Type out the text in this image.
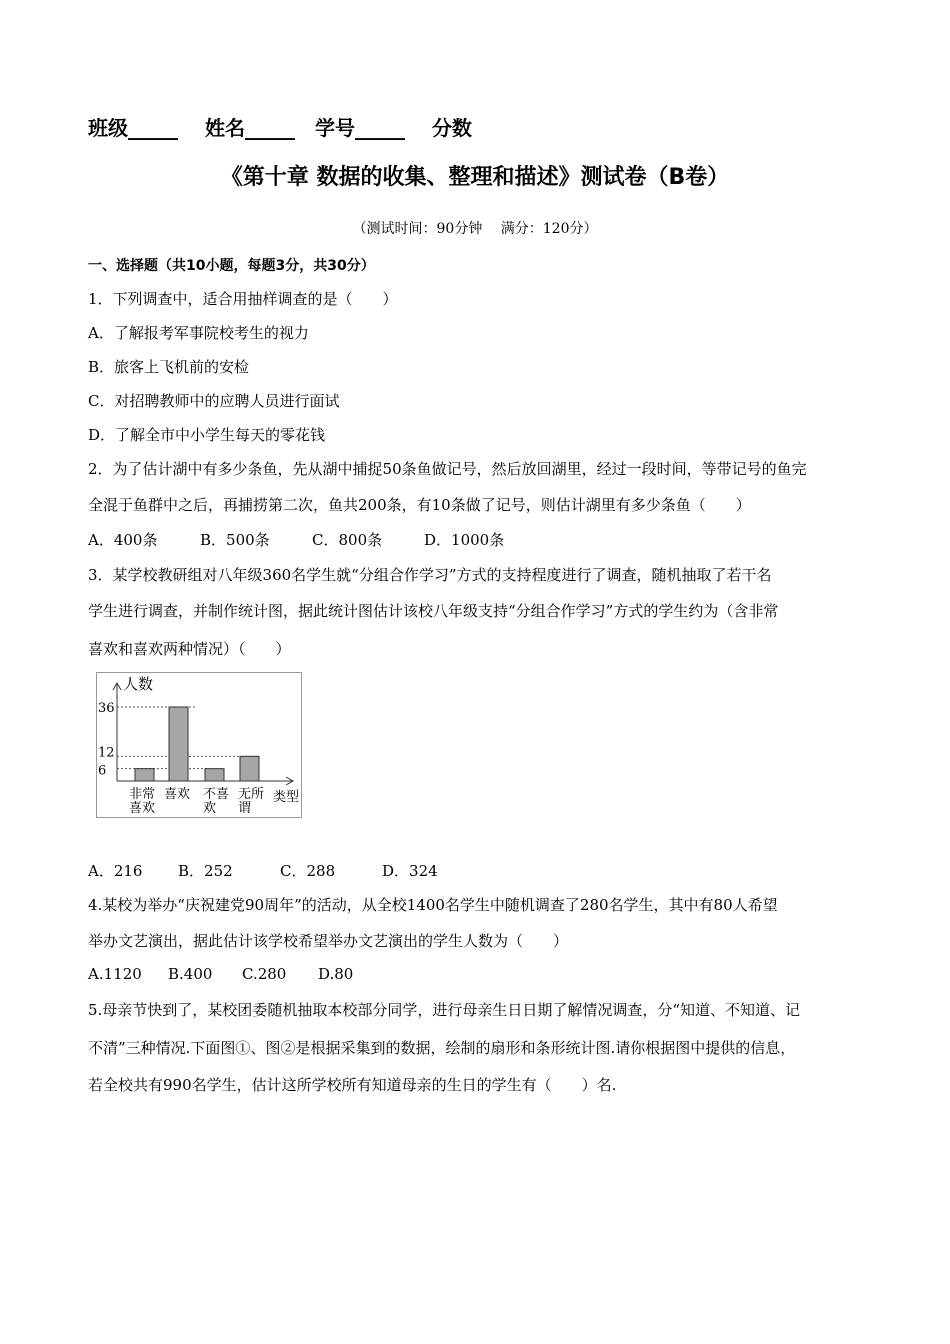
班级_____　 姓名_____　 学号_____　 分数
《第十章 数据的收集、整理和描述》测试卷（B卷）
（测试时间：90分钟　 满分：120分）
一、选择题（共10小题，每题3分，共30分）
1．下列调查中，适合用抽样调查的是（　　）
A．了解报考军事院校考生的视力
B．旅客上飞机前的安检
C．对招聘教师中的应聘人员进行面试
D．了解全市中小学生每天的零花钱
2．为了估计湖中有多少条鱼，先从湖中捕捉50条鱼做记号，然后放回湖里，经过一段时间，等带记号的鱼完
全混于鱼群中之后，再捕捞第二次，鱼共200条，有10条做了记号，则估计湖里有多少条鱼（　　）
A．400条	B．500条	C．800条	D．1000条
3．某学校教研组对八年级360名学生就“分组合作学习”方式的支持程度进行了调查，随机抽取了若干名
学生进行调查，并制作统计图，据此统计图估计该校八年级支持“分组合作学习”方式的学生约为（含非常
喜欢和喜欢两种情况）（　　）
人数
类型
6
12
36
非常
喜欢
喜欢 不喜
欢
无所
谓
A．216 B．252	C．288	D．324
4.某校为举办“庆祝建党90周年”的活动，从全校1400名学生中随机调查了280名学生，其中有80人希望
举办文艺演出，据此估计该学校希望举办文艺演出的学生人数为（　　）
A.1120 B.400 C.280 D.80
5.母亲节快到了，某校团委随机抽取本校部分同学，进行母亲生日日期了解情况调查，分“知道、不知道、记
不清”三种情况.下面图①、图②是根据采集到的数据，绘制的扇形和条形统计图.请你根据图中提供的信息，
若全校共有990名学生，估计这所学校所有知道母亲的生日的学生有（　　）名.
